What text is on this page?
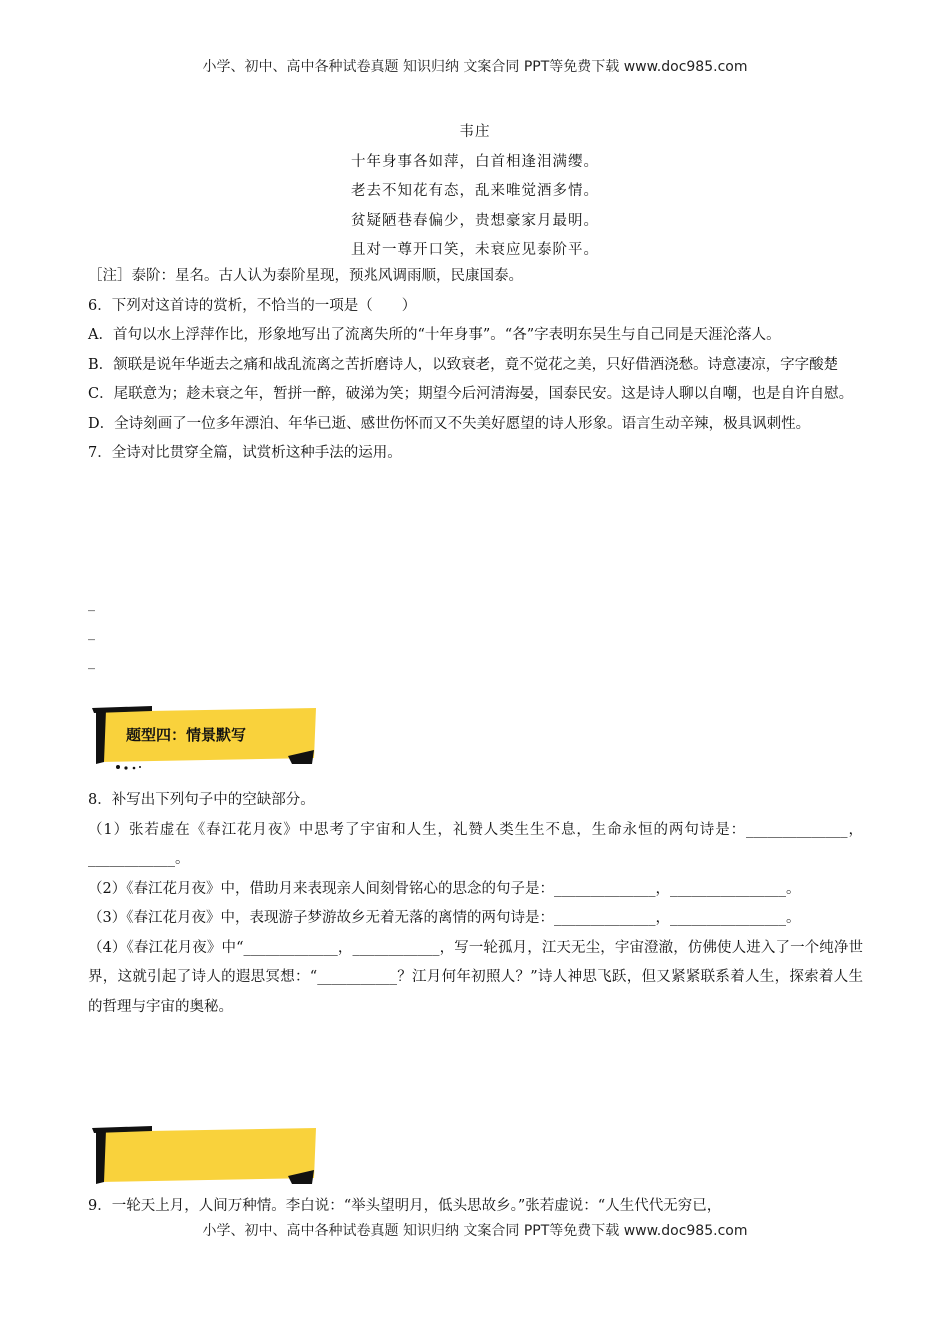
小学、初中、高中各种试卷真题 知识归纳 文案合同 PPT等免费下载 www.doc985.com
韦庄
十年身事各如萍，白首相逢泪满缨。
老去不知花有态，乱来唯觉酒多情。
贫疑陋巷春偏少，贵想豪家月最明。
且对一尊开口笑，未衰应见泰阶平。

［注］泰阶：星名。古人认为泰阶星现，预兆风调雨顺，民康国泰。

6．下列对这首诗的赏析，不恰当的一项是（　　）

A．首句以水上浮萍作比，形象地写出了流离失所的“十年身事”。“各”字表明东吴生与自己同是天涯沦落人。

B．颔联是说年华逝去之痛和战乱流离之苦折磨诗人，以致衰老，竟不觉花之美，只好借酒浇愁。诗意凄凉，字字酸楚

C．尾联意为；趁未衰之年，暂拼一醉，破涕为笑；期望今后河清海晏，国泰民安。这是诗人聊以自嘲，也是自许自慰。

D．全诗刻画了一位多年漂泊、年华已逝、感世伤怀而又不失美好愿望的诗人形象。语言生动辛辣，极具讽刺性。

7．全诗对比贯穿全篇，试赏析这种手法的运用。

_
_
_
题型四：情景默写

8．补写出下列句子中的空缺部分。

（1）张若虚在《春江花月夜》中思考了宇宙和人生，礼赞人类生生不息，生命永恒的两句诗是：______________，____________。

（2）《春江花月夜》中，借助月来表现亲人间刻骨铭心的思念的句子是：______________，________________。

（3）《春江花月夜》中，表现游子梦游故乡无着无落的离情的两句诗是：______________，________________。

（4）《春江花月夜》中“_____________，____________，写一轮孤月，江天无尘，宇宙澄澈，仿佛使人进入了一个纯净世界，这就引起了诗人的遐思冥想：“___________？江月何年初照人？”诗人神思飞跃，但又紧紧联系着人生，探索着人生的哲理与宇宙的奥秘。

9．一轮天上月，人间万种情。李白说：“举头望明月，低头思故乡。”张若虚说：“人生代代无穷已，

小学、初中、高中各种试卷真题 知识归纳 文案合同 PPT等免费下载 www.doc985.com
